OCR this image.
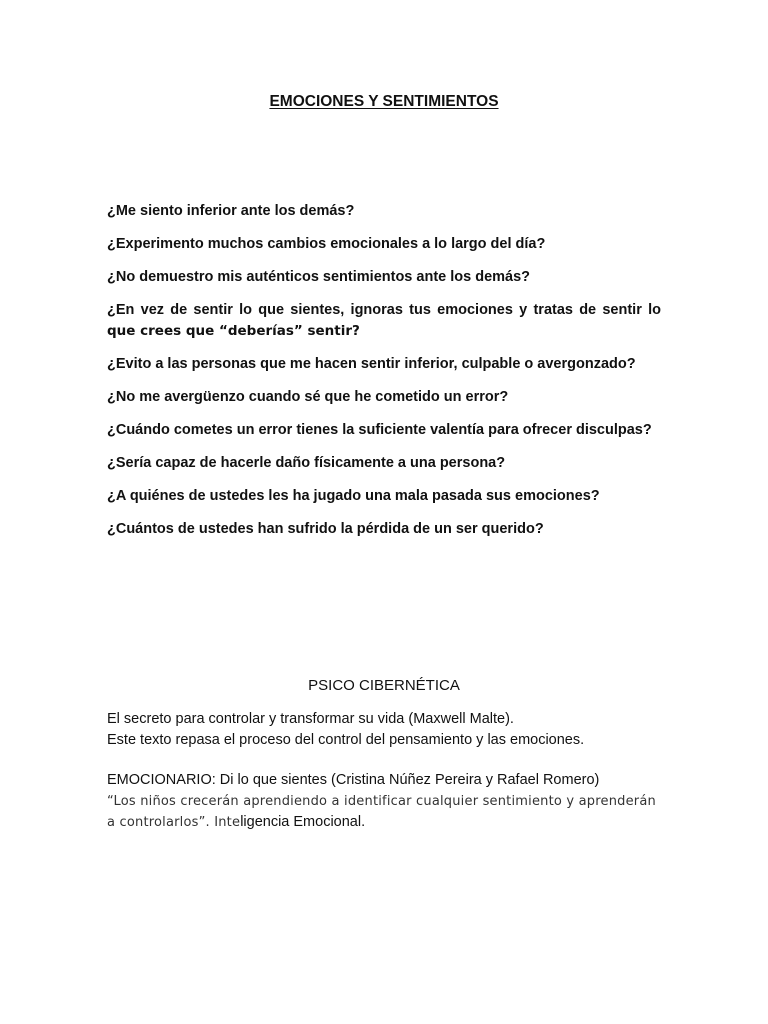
EMOCIONES Y SENTIMIENTOS
¿Me siento inferior ante los demás?
¿Experimento muchos cambios emocionales a lo largo del día?
¿No demuestro mis auténticos sentimientos ante los demás?
¿En vez de sentir lo que sientes, ignoras tus emociones y tratas de sentir lo que crees que “deberías” sentir?
¿Evito a las personas que me hacen sentir inferior, culpable o avergonzado?
¿No me avergüenzo cuando sé que he cometido un error?
¿Cuándo cometes un error tienes la suficiente valentía para ofrecer disculpas?
¿Sería capaz de hacerle daño físicamente a una persona?
¿A quiénes de ustedes les ha jugado una mala pasada sus emociones?
¿Cuántos de ustedes han sufrido la pérdida de un ser querido?
PSICO CIBERNÉTICA
El secreto para controlar y transformar su vida (Maxwell Malte).
Este texto repasa el proceso del control del pensamiento y las emociones.
EMOCIONARIO: Di lo que sientes (Cristina Núñez Pereira y Rafael Romero)
“Los niños crecerán aprendiendo a identificar cualquier sentimiento y aprenderán a controlarlos”. Inteligencia Emocional.
